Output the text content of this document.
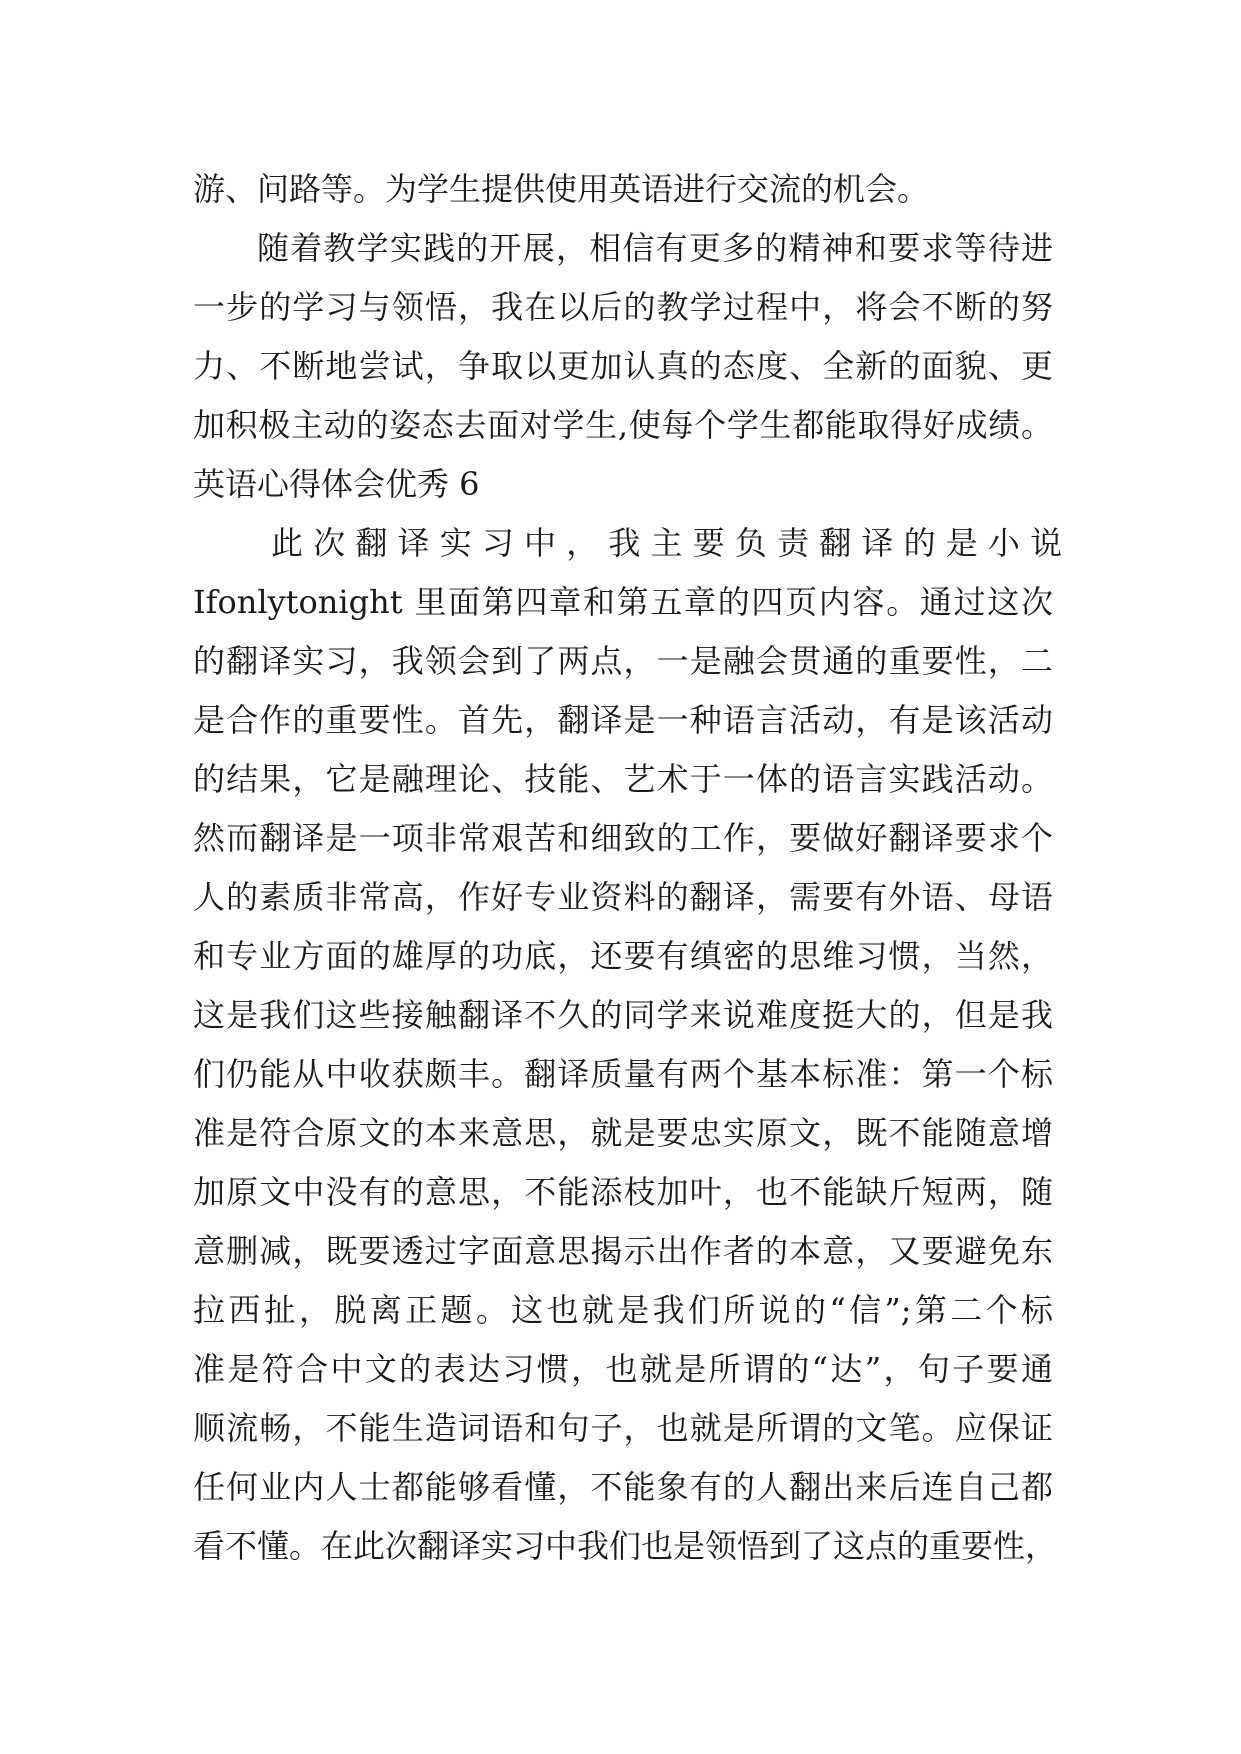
游、问路等。为学生提供使用英语进行交流的机会。
随着教学实践的开展，相信有更多的精神和要求等待进
一步的学习与领悟，我在以后的教学过程中，将会不断的努
力、不断地尝试，争取以更加认真的态度、全新的面貌、更
加积极主动的姿态去面对学生,使每个学生都能取得好成绩。
英语心得体会优秀 6
此 次 翻 译 实 习 中 ， 我 主 要 负 责 翻 译 的 是 小 说
Ifonlytonight 里面第四章和第五章的四页内容。通过这次
的翻译实习，我领会到了两点，一是融会贯通的重要性，二
是合作的重要性。首先，翻译是一种语言活动，有是该活动
的结果，它是融理论、技能、艺术于一体的语言实践活动。
然而翻译是一项非常艰苦和细致的工作，要做好翻译要求个
人的素质非常高，作好专业资料的翻译，需要有外语、母语
和专业方面的雄厚的功底，还要有缜密的思维习惯，当然，
这是我们这些接触翻译不久的同学来说难度挺大的，但是我
们仍能从中收获颇丰。翻译质量有两个基本标准：第一个标
准是符合原文的本来意思，就是要忠实原文，既不能随意增
加原文中没有的意思，不能添枝加叶，也不能缺斤短两，随
意删减，既要透过字面意思揭示出作者的本意，又要避免东
拉西扯，脱离正题。这也就是我们所说的“信”;第二个标
准是符合中文的表达习惯，也就是所谓的“达”，句子要通
顺流畅，不能生造词语和句子，也就是所谓的文笔。应保证
任何业内人士都能够看懂，不能象有的人翻出来后连自己都
看不懂。在此次翻译实习中我们也是领悟到了这点的重要性，
